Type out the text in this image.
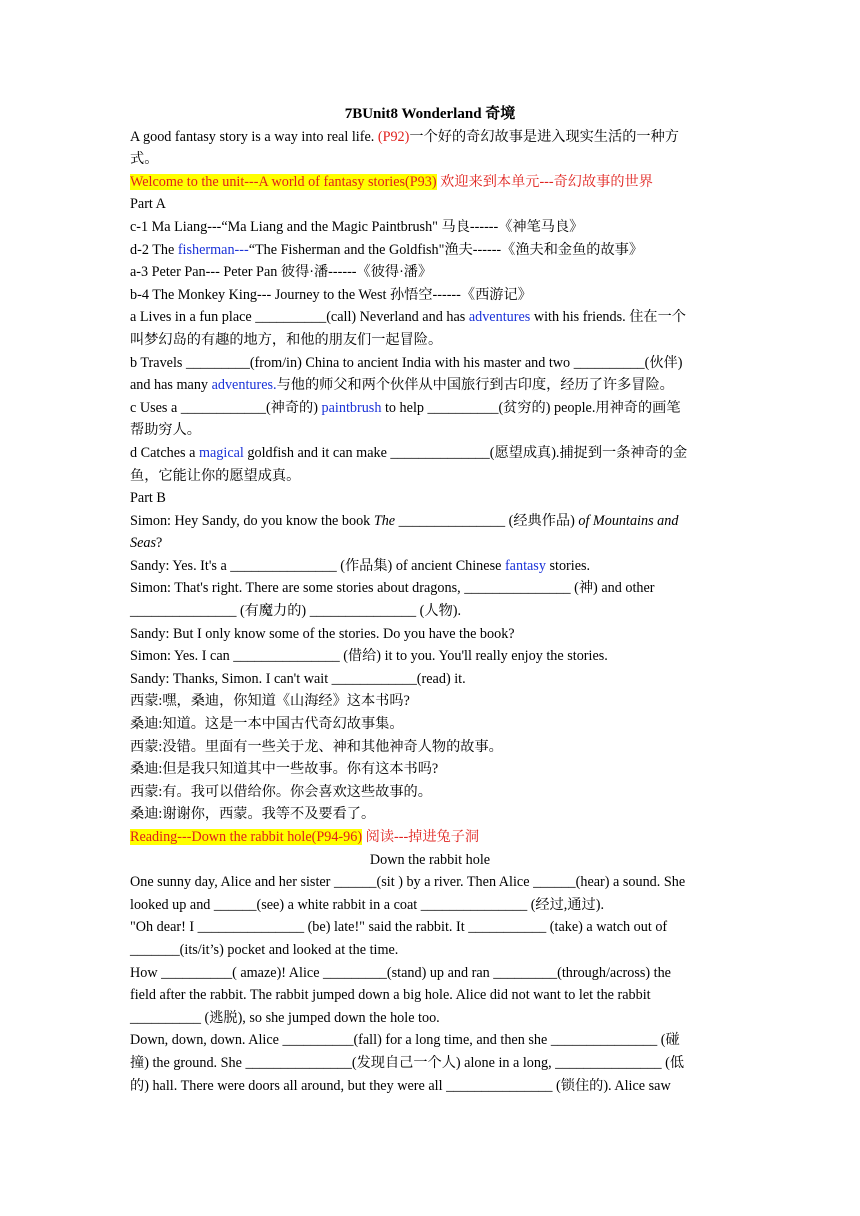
7BUnit8 Wonderland 奇境
A good fantasy story is a way into real life. (P92)一个好的奇幻故事是进入现实生活的一种方
式。
Welcome to the unit---A world of fantasy stories(P93) 欢迎来到本单元---奇幻故事的世界
Part A
c-1 Ma Liang---“Ma Liang and the Magic Paintbrush" 马良------《神笔马良》
d-2 The fisherman---“The Fisherman and the Goldfish"渔夫------《渔夫和金鱼的故事》
a-3 Peter Pan--- Peter Pan 彼得·潘------《彼得·潘》
b-4 The Monkey King--- Journey to the West 孙悟空------《西游记》
a Lives in a fun place __________(call) Neverland and has adventures with his friends. 住在一个
叫梦幻岛的有趣的地方，和他的朋友们一起冒险。
b Travels _________(from/in) China to ancient India with his master and two __________(伙伴)
and has many adventures.与他的师父和两个伙伴从中国旅行到古印度，经历了许多冒险。
c Uses a ____________(神奇的) paintbrush to help __________(贫穷的) people.用神奇的画笔
帮助穷人。
d Catches a magical goldfish and it can make ______________(愿望成真).捕捉到一条神奇的金
鱼，它能让你的愿望成真。
Part B
Simon: Hey Sandy, do you know the book The _______________ (经典作品) of Mountains and
Seas?
Sandy: Yes. It's a _______________ (作品集) of ancient Chinese fantasy stories.
Simon: That's right. There are some stories about dragons, _______________ (神) and other
_______________ (有魔力的) _______________ (人物).
Sandy: But I only know some of the stories. Do you have the book?
Simon: Yes. I can _______________ (借给) it to you. You'll really enjoy the stories.
Sandy: Thanks, Simon. I can't wait ____________(read) it.
西蒙:嘿，桑迪，你知道《山海经》这本书吗?
桑迪:知道。这是一本中国古代奇幻故事集。
西蒙:没错。里面有一些关于龙、神和其他神奇人物的故事。
桑迪:但是我只知道其中一些故事。你有这本书吗?
西蒙:有。我可以借给你。你会喜欢这些故事的。
桑迪:谢谢你，西蒙。我等不及要看了。
Reading---Down the rabbit hole(P94-96) 阅读---掉进兔子洞
Down the rabbit hole
One sunny day, Alice and her sister ______(sit ) by a river. Then Alice ______(hear) a sound. She
looked up and ______(see) a white rabbit in a coat _______________ (经过,通过).
"Oh dear! I _______________ (be) late!" said the rabbit. It ___________ (take) a watch out of
_______(its/it’s) pocket and looked at the time.
How __________( amaze)! Alice _________(stand) up and ran _________(through/across) the
field after the rabbit. The rabbit jumped down a big hole. Alice did not want to let the rabbit
__________ (逃脱), so she jumped down the hole too.
Down, down, down. Alice __________(fall) for a long time, and then she _______________ (碰
撞) the ground. She _______________(发现自己一个人) alone in a long, _______________ (低
的) hall. There were doors all around, but they were all _______________ (锁住的). Alice saw
